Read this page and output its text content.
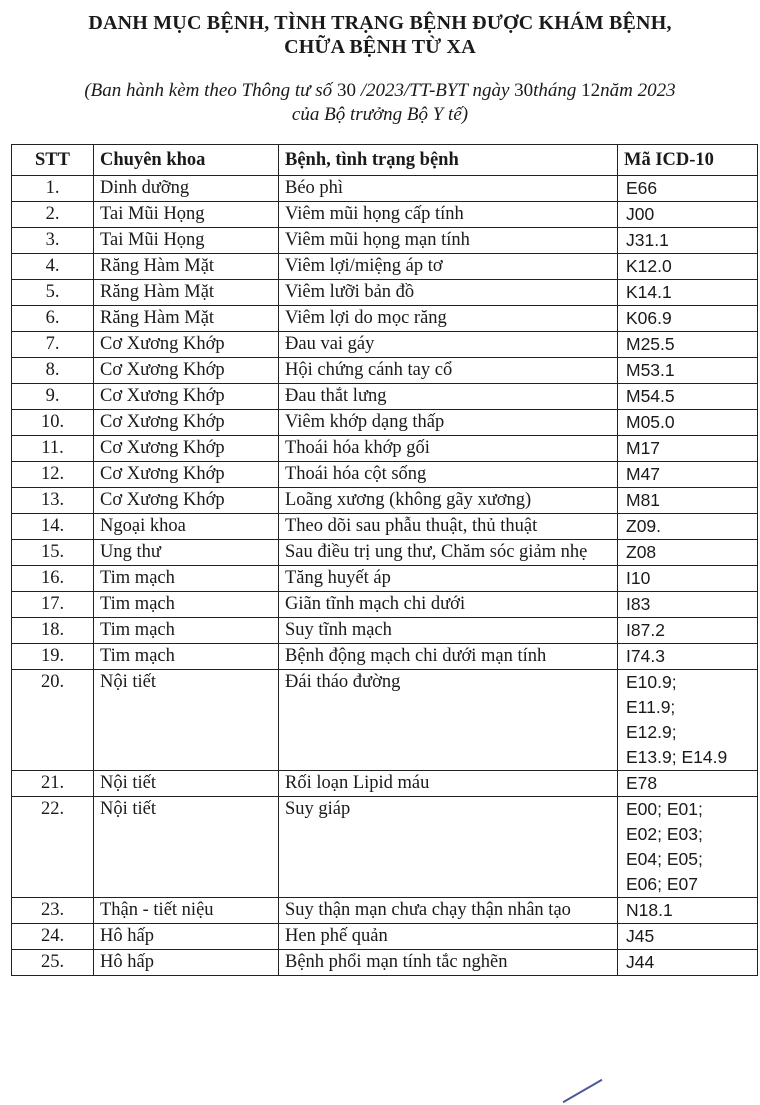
DANH MỤC BỆNH, TÌNH TRẠNG BỆNH ĐƯỢC KHÁM BỆNH,
CHỮA BỆNH TỪ XA
(Ban hành kèm theo Thông tư số 30 /2023/TT-BYT ngày 30tháng 12năm 2023
của Bộ trưởng Bộ Y tế)
STT	Chuyên khoa	Bệnh, tình trạng bệnh	Mã ICD-10
1.	Dinh dưỡng	Béo phì	E66

2.	Tai Mũi Họng	Viêm mũi họng cấp tính	J00

3.	Tai Mũi Họng	Viêm mũi họng mạn tính	J31.1

4.	Răng Hàm Mặt	Viêm lợi/miệng áp tơ	K12.0

5.	Răng Hàm Mặt	Viêm lưỡi bản đồ	K14.1

6.	Răng Hàm Mặt	Viêm lợi do mọc răng	K06.9

7.	Cơ Xương Khớp	Đau vai gáy	M25.5

8.	Cơ Xương Khớp	Hội chứng cánh tay cổ	M53.1

9.	Cơ Xương Khớp	Đau thắt lưng	M54.5

10.	Cơ Xương Khớp	Viêm khớp dạng thấp	M05.0

11.	Cơ Xương Khớp	Thoái hóa khớp gối	M17

12.	Cơ Xương Khớp	Thoái hóa cột sống	M47

13.	Cơ Xương Khớp	Loãng xương (không gãy xương)	M81

14.	Ngoại khoa	Theo dõi sau phẫu thuật, thủ thuật	Z09.

15.	Ung thư	Sau điều trị ung thư, Chăm sóc giảm nhẹ	Z08

16.	Tim mạch	Tăng huyết áp	I10

17.	Tim mạch	Giãn tĩnh mạch chi dưới	I83

18.	Tim mạch	Suy tĩnh mạch	I87.2

19.	Tim mạch	Bệnh động mạch chi dưới mạn tính	I74.3

20.	Nội tiết	Đái tháo đường	E10.9;
E11.9;
E12.9;
E13.9; E14.9

21.	Nội tiết	Rối loạn Lipid máu	E78

22.	Nội tiết	Suy giáp	E00; E01;
E02; E03;
E04; E05;
E06; E07

23.	Thận - tiết niệu	Suy thận mạn chưa chạy thận nhân tạo	N18.1

24.	Hô hấp	Hen phế quản	J45

25.	Hô hấp	Bệnh phổi mạn tính tắc nghẽn	J44
